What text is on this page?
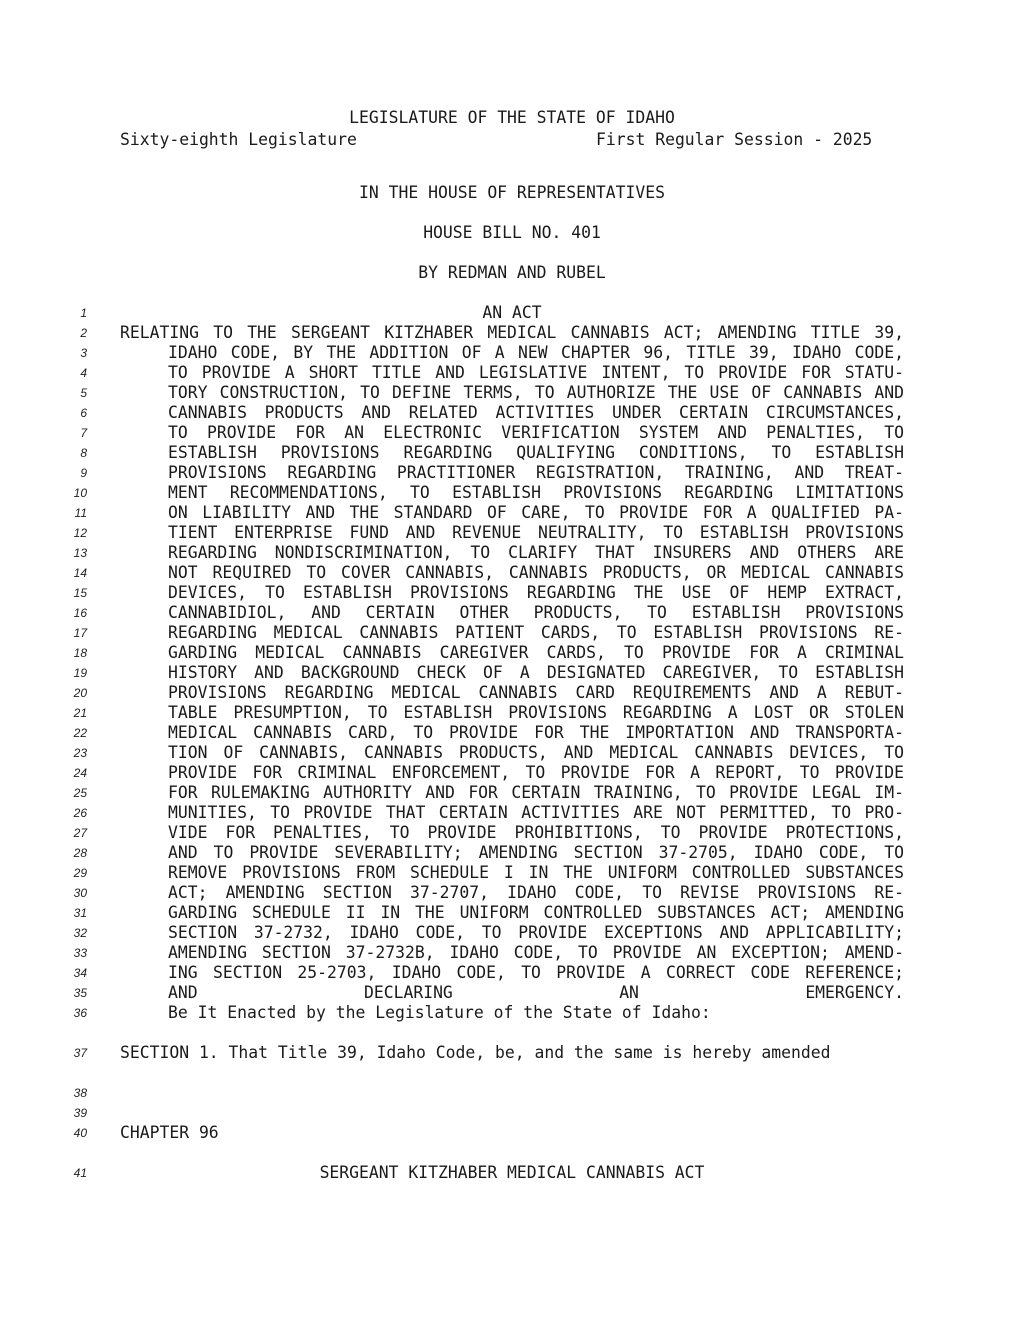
LEGISLATURE OF THE STATE OF IDAHO
Sixty-eighth Legislature	First Regular Session - 2025
IN THE HOUSE OF REPRESENTATIVES
HOUSE BILL NO. 401
BY REDMAN AND RUBEL
1	AN ACT
2 RELATING TO THE SERGEANT KITZHABER MEDICAL CANNABIS ACT; AMENDING TITLE 39,
3	IDAHO CODE, BY THE ADDITION OF A NEW CHAPTER 96, TITLE 39, IDAHO CODE,
4	TO PROVIDE A SHORT TITLE AND LEGISLATIVE INTENT, TO PROVIDE FOR STATU-
5	TORY CONSTRUCTION, TO DEFINE TERMS, TO AUTHORIZE THE USE OF CANNABIS AND
6	CANNABIS PRODUCTS AND RELATED ACTIVITIES UNDER CERTAIN CIRCUMSTANCES,
7	TO PROVIDE FOR AN ELECTRONIC VERIFICATION SYSTEM AND PENALTIES, TO
8	ESTABLISH PROVISIONS REGARDING QUALIFYING CONDITIONS, TO ESTABLISH
9	PROVISIONS REGARDING PRACTITIONER REGISTRATION, TRAINING, AND TREAT-
10	MENT RECOMMENDATIONS, TO ESTABLISH PROVISIONS REGARDING LIMITATIONS
11	ON LIABILITY AND THE STANDARD OF CARE, TO PROVIDE FOR A QUALIFIED PA-
12	TIENT ENTERPRISE FUND AND REVENUE NEUTRALITY, TO ESTABLISH PROVISIONS
13	REGARDING NONDISCRIMINATION, TO CLARIFY THAT INSURERS AND OTHERS ARE
14	NOT REQUIRED TO COVER CANNABIS, CANNABIS PRODUCTS, OR MEDICAL CANNABIS
15	DEVICES, TO ESTABLISH PROVISIONS REGARDING THE USE OF HEMP EXTRACT,
16	CANNABIDIOL, AND CERTAIN OTHER PRODUCTS, TO ESTABLISH PROVISIONS
17	REGARDING MEDICAL CANNABIS PATIENT CARDS, TO ESTABLISH PROVISIONS RE-
18	GARDING MEDICAL CANNABIS CAREGIVER CARDS, TO PROVIDE FOR A CRIMINAL
19	HISTORY AND BACKGROUND CHECK OF A DESIGNATED CAREGIVER, TO ESTABLISH
20	PROVISIONS REGARDING MEDICAL CANNABIS CARD REQUIREMENTS AND A REBUT-
21	TABLE PRESUMPTION, TO ESTABLISH PROVISIONS REGARDING A LOST OR STOLEN
22	MEDICAL CANNABIS CARD, TO PROVIDE FOR THE IMPORTATION AND TRANSPORTA-
23	TION OF CANNABIS, CANNABIS PRODUCTS, AND MEDICAL CANNABIS DEVICES, TO
24	PROVIDE FOR CRIMINAL ENFORCEMENT, TO PROVIDE FOR A REPORT, TO PROVIDE
25	FOR RULEMAKING AUTHORITY AND FOR CERTAIN TRAINING, TO PROVIDE LEGAL IM-
26	MUNITIES, TO PROVIDE THAT CERTAIN ACTIVITIES ARE NOT PERMITTED, TO PRO-
27	VIDE FOR PENALTIES, TO PROVIDE PROHIBITIONS, TO PROVIDE PROTECTIONS,
28	AND TO PROVIDE SEVERABILITY; AMENDING SECTION 37-2705, IDAHO CODE, TO
29	REMOVE PROVISIONS FROM SCHEDULE I IN THE UNIFORM CONTROLLED SUBSTANCES
30	ACT; AMENDING SECTION 37-2707, IDAHO CODE, TO REVISE PROVISIONS RE-
31	GARDING SCHEDULE II IN THE UNIFORM CONTROLLED SUBSTANCES ACT; AMENDING
32	SECTION 37-2732, IDAHO CODE, TO PROVIDE EXCEPTIONS AND APPLICABILITY;
33	AMENDING SECTION 37-2732B, IDAHO CODE, TO PROVIDE AN EXCEPTION; AMEND-
34	ING SECTION 25-2703, IDAHO CODE, TO PROVIDE A CORRECT CODE REFERENCE;
35	AND DECLARING AN EMERGENCY.
36	Be It Enacted by the Legislature of the State of Idaho:
37 SECTION 1. That Title 39, Idaho Code, be, and the same is hereby amended
38
39
40 CHAPTER 96
41	SERGEANT KITZHABER MEDICAL CANNABIS ACT
